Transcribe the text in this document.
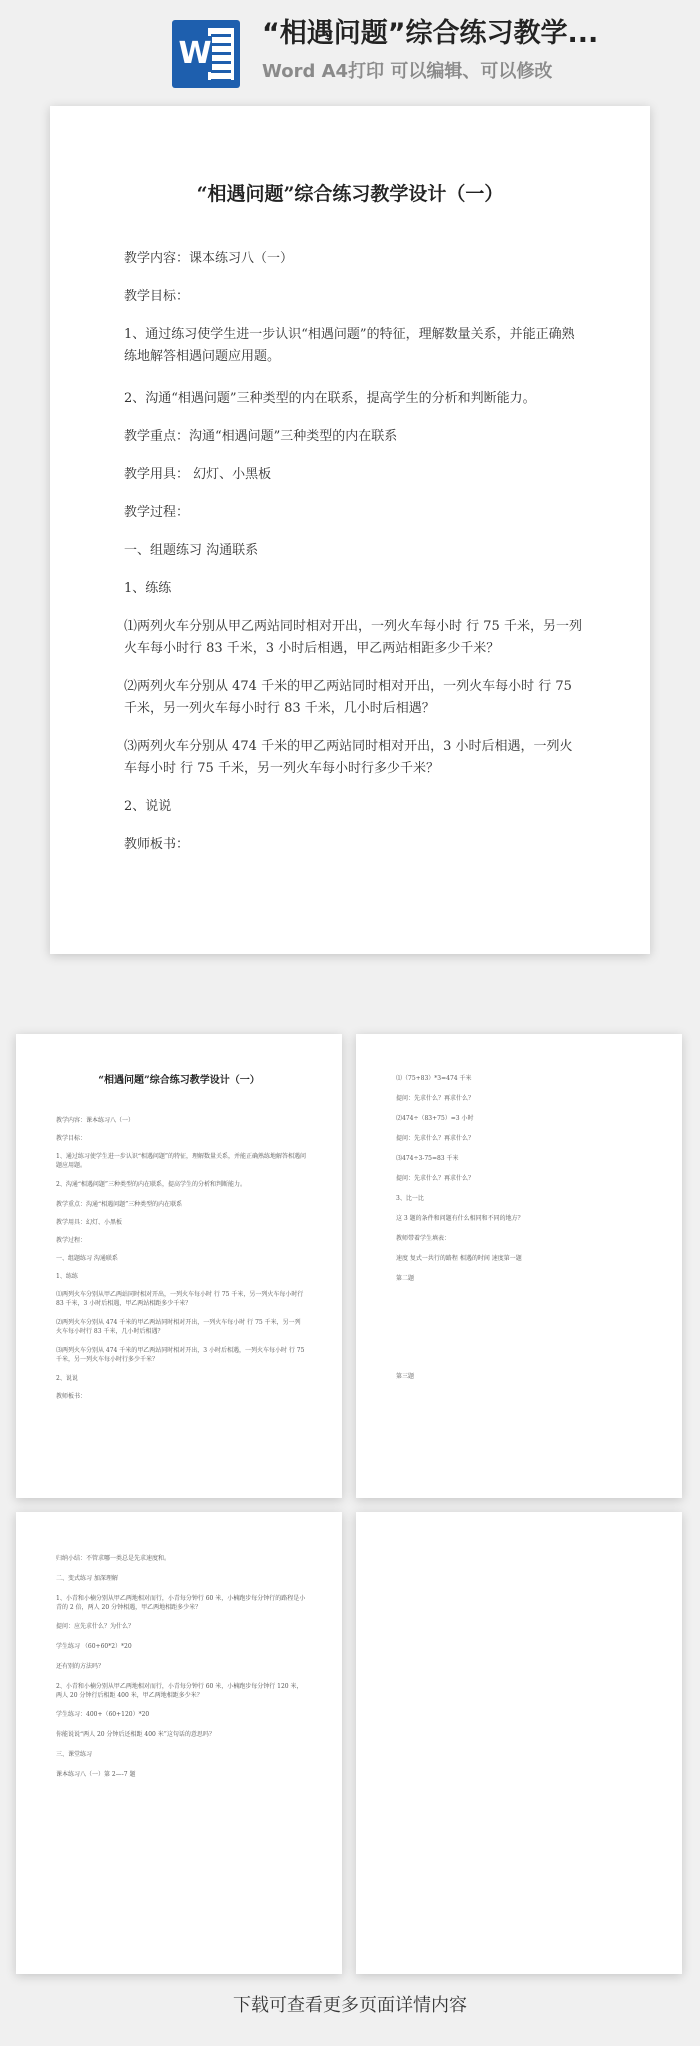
W
“相遇问题”综合练习教学...
Word A4打印 可以编辑、可以修改
“相遇问题”综合练习教学设计（一）
教学内容：课本练习八（一）
教学目标：
1、通过练习使学生进一步认识“相遇问题”的特征，理解数量关系，并能正确熟练地解答相遇问题应用题。
2、沟通“相遇问题”三种类型的内在联系，提高学生的分析和判断能力。
教学重点：沟通“相遇问题”三种类型的内在联系
教学用具： 幻灯、小黑板
教学过程：
一、组题练习 沟通联系
1、练练
⑴两列火车分别从甲乙两站同时相对开出，一列火车每小时 行 75 千米，另一列火车每小时行 83 千米，3 小时后相遇，甲乙两站相距多少千米？
⑵两列火车分别从 474 千米的甲乙两站同时相对开出，一列火车每小时 行 75 千米，另一列火车每小时行 83 千米，几小时后相遇？
⑶两列火车分别从 474 千米的甲乙两站同时相对开出，3 小时后相遇，一列火车每小时 行 75 千米，另一列火车每小时行多少千米？
2、说说
教师板书：
“相遇问题”综合练习教学设计（一）
教学内容：课本练习八（一）
教学目标：
1、通过练习使学生进一步认识“相遇问题”的特征，理解数量关系，并能正确熟练地解答相遇问题应用题。
2、沟通“相遇问题”三种类型的内在联系，提高学生的分析和判断能力。
教学重点：沟通“相遇问题”三种类型的内在联系
教学用具：幻灯、小黑板
教学过程：
一、组题练习 沟通联系
1、练练
⑴两列火车分别从甲乙两站同时相对开出，一列火车每小时 行 75 千米，另一列火车每小时行 83 千米，3 小时后相遇，甲乙两站相距多少千米？
⑵两列火车分别从 474 千米的甲乙两站同时相对开出，一列火车每小时 行 75 千米，另一列火车每小时行 83 千米，几小时后相遇？
⑶两列火车分别从 474 千米的甲乙两站同时相对开出，3 小时后相遇，一列火车每小时 行 75 千米，另一列火车每小时行多少千米？
2、说说
教师板书：
⑴（75+83）*3=474 千米
提问：先求什么？再求什么？
⑵474÷（83+75）=3 小时
提问：先求什么？再求什么？
⑶474÷3-75=83 千米
提问：先求什么？再求什么？
3、比一比
这 3 题的条件和问题有什么相同和不同的地方？
教师带着学生填表：
速度 复式一共行的路程 相遇的时间 速度第一题
第二题
第三题
归纳小结：不管求哪一类总是先求速度和。
二、变式练习 加深理解
1、小青和小楠分别从甲乙两地相对而行，小青每分钟行 60 米，小楠跑步每分钟行的路程是小青的 2 倍，两人 20 分钟相遇，甲乙两地相距多少米？
提问：应先求什么？为什么？
学生练习 （60+60*2）*20
还有别的方法吗？
2、小青和小楠分别从甲乙两地相对而行，小青每分钟行 60 米，小楠跑步每分钟行 120 米，两人 20 分钟行后相距 400 米，甲乙两地相距多少米？
学生练习：400+（60+120）*20
你能说说“两人 20 分钟后还相距 400 米”这句话的意思吗？
三、课堂练习
课本练习八（一）第 2—-7 题
下载可查看更多页面详情内容
